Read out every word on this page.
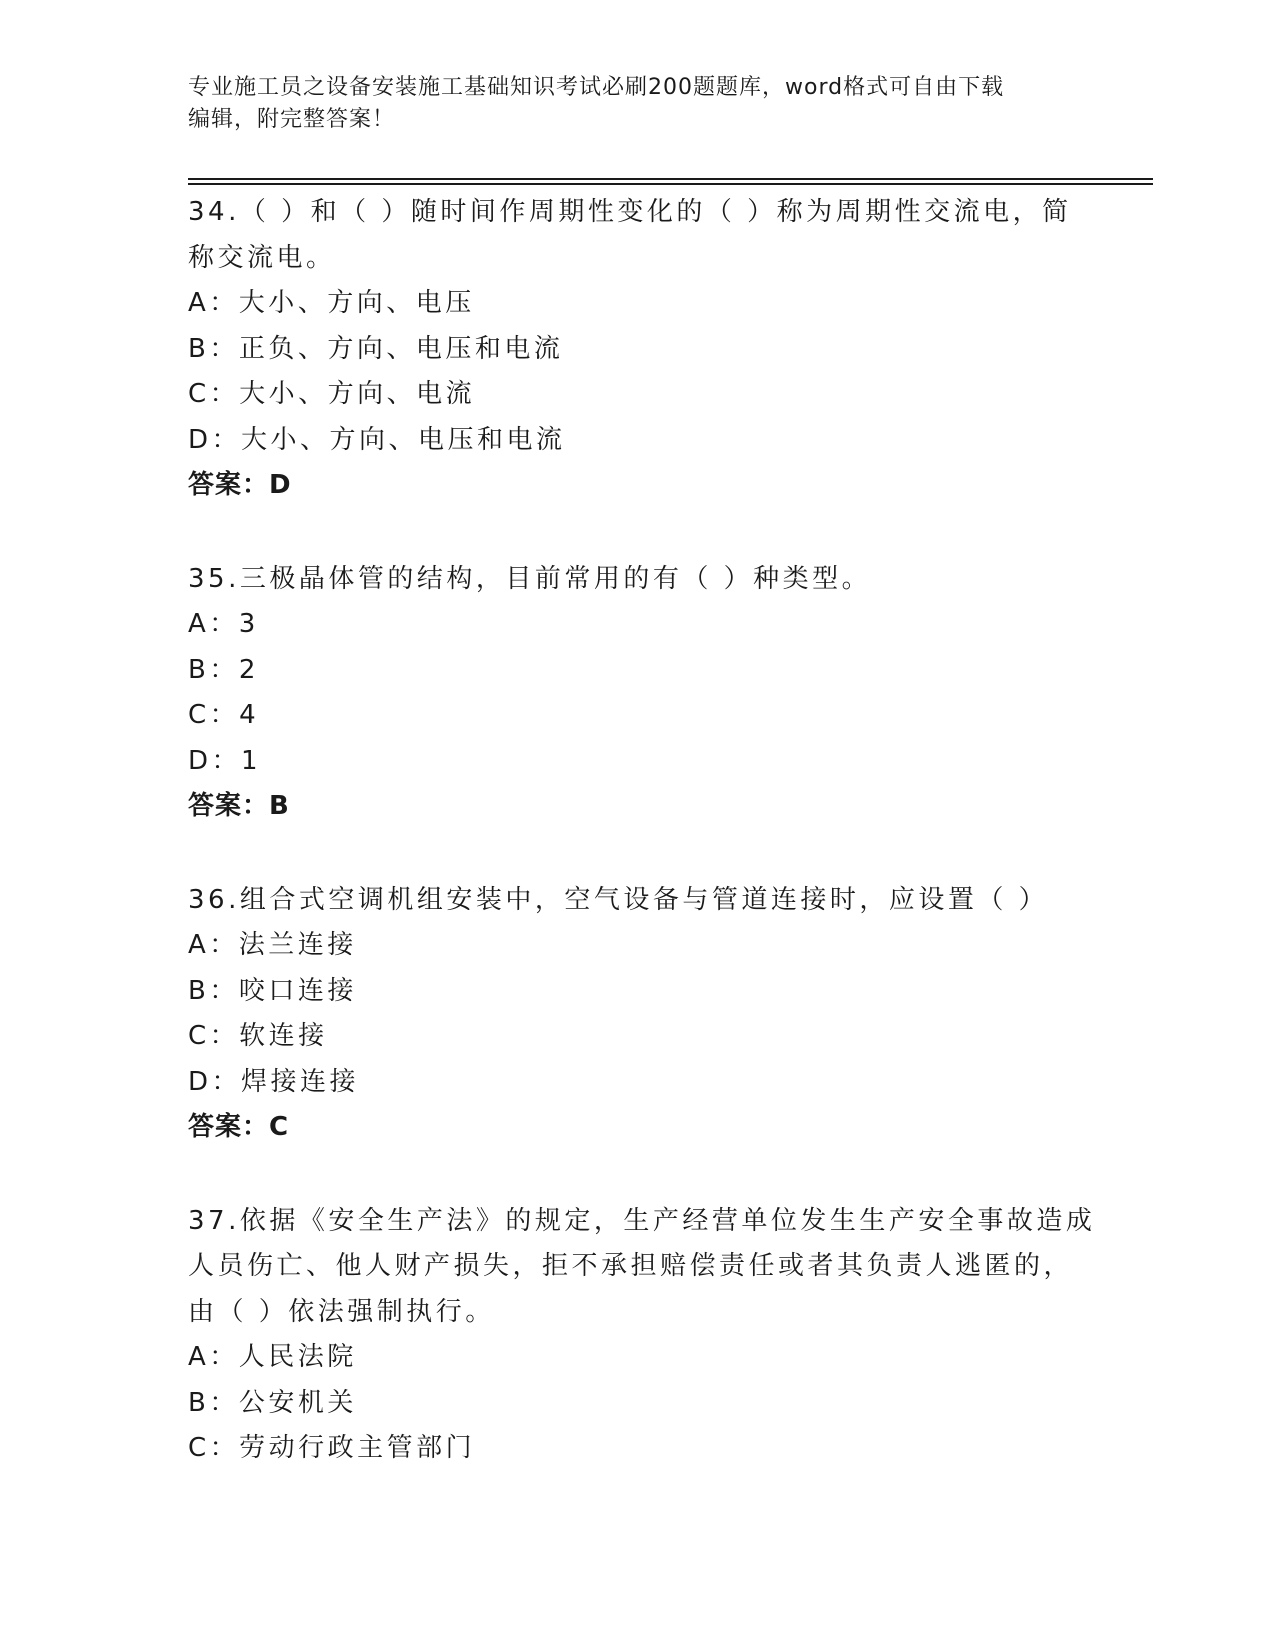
专业施工员之设备安装施工基础知识考试必刷200题题库，word格式可自由下载
编辑，附完整答案！
34.（ ）和（ ）随时间作周期性变化的（ ）称为周期性交流电，简
称交流电。
A：大小、方向、电压
B：正负、方向、电压和电流
C：大小、方向、电流
D：大小、方向、电压和电流
答案：D
35.三极晶体管的结构，目前常用的有（ ）种类型。
A：3
B：2
C：4
D：1
答案：B
36.组合式空调机组安装中，空气设备与管道连接时，应设置（ ）
A：法兰连接
B：咬口连接
C：软连接
D：焊接连接
答案：C
37.依据《安全生产法》的规定，生产经营单位发生生产安全事故造成
人员伤亡、他人财产损失，拒不承担赔偿责任或者其负责人逃匿的，
由（ ）依法强制执行。
A：人民法院
B：公安机关
C：劳动行政主管部门
